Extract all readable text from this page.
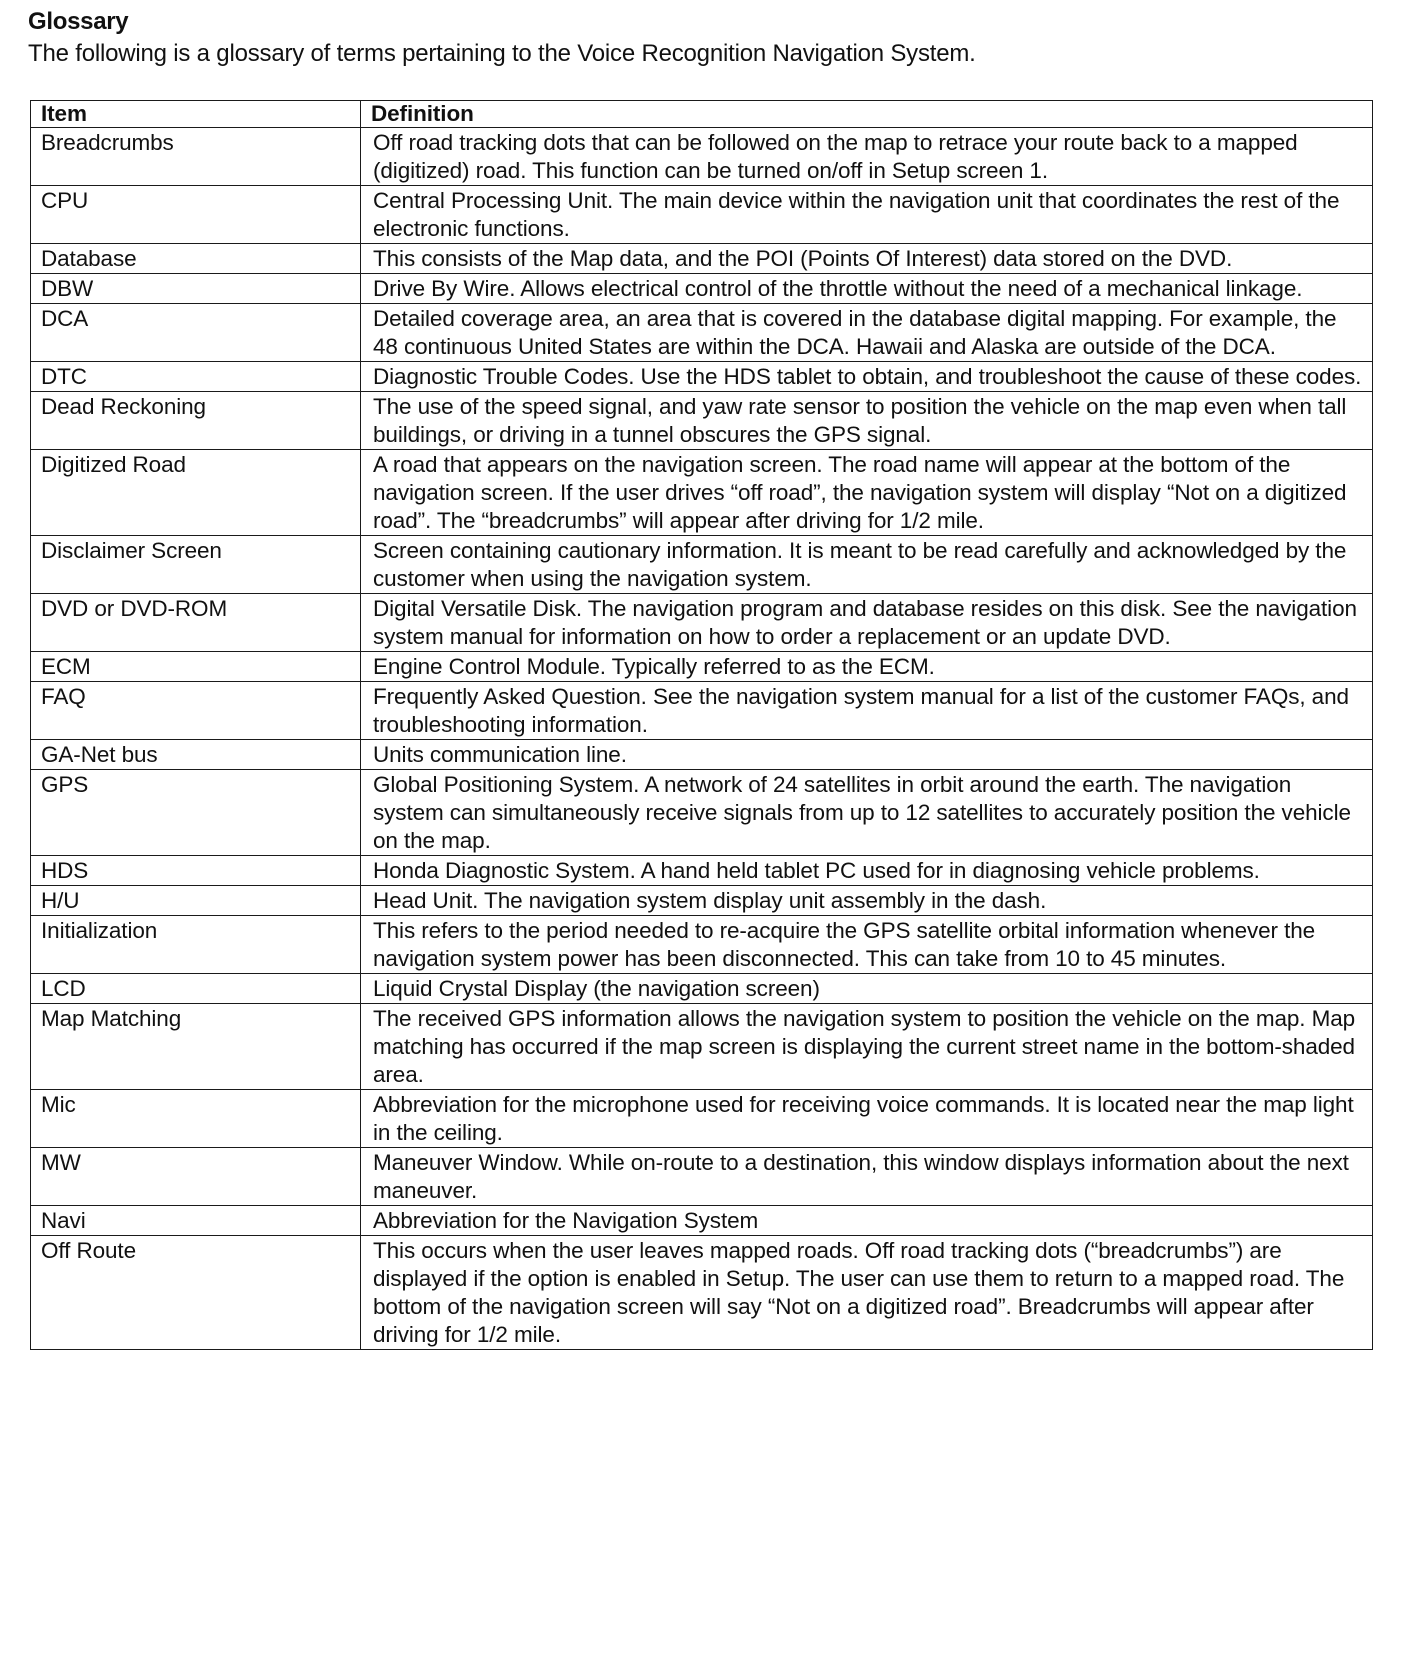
Glossary
The following is a glossary of terms pertaining to the Voice Recognition Navigation System.
Item	Definition
Breadcrumbs	Off road tracking dots that can be followed on the map to retrace your route back to a mapped (digitized) road. This function can be turned on/off in Setup screen 1.
CPU	Central Processing Unit. The main device within the navigation unit that coordinates the rest of the electronic functions.
Database	This consists of the Map data, and the POI (Points Of Interest) data stored on the DVD.
DBW	Drive By Wire. Allows electrical control of the throttle without the need of a mechanical linkage.
DCA	Detailed coverage area, an area that is covered in the database digital mapping. For example, the 48 continuous United States are within the DCA. Hawaii and Alaska are outside of the DCA.
DTC	Diagnostic Trouble Codes. Use the HDS tablet to obtain, and troubleshoot the cause of these codes.
Dead Reckoning	The use of the speed signal, and yaw rate sensor to position the vehicle on the map even when tall buildings, or driving in a tunnel obscures the GPS signal.
Digitized Road	A road that appears on the navigation screen. The road name will appear at the bottom of the navigation screen. If the user drives “off road”, the navigation system will display “Not on a digitized road”. The “breadcrumbs” will appear after driving for 1/2 mile.
Disclaimer Screen	Screen containing cautionary information. It is meant to be read carefully and acknowledged by the customer when using the navigation system.
DVD or DVD-ROM	Digital Versatile Disk. The navigation program and database resides on this disk. See the navigation system manual for information on how to order a replacement or an update DVD.
ECM	Engine Control Module. Typically referred to as the ECM.
FAQ	Frequently Asked Question. See the navigation system manual for a list of the customer FAQs, and troubleshooting information.
GA-Net bus	Units communication line.
GPS	Global Positioning System. A network of 24 satellites in orbit around the earth. The navigation system can simultaneously receive signals from up to 12 satellites to accurately position the vehicle on the map.
HDS	Honda Diagnostic System. A hand held tablet PC used for in diagnosing vehicle problems.
H/U	Head Unit. The navigation system display unit assembly in the dash.
Initialization	This refers to the period needed to re-acquire the GPS satellite orbital information whenever the navigation system power has been disconnected. This can take from 10 to 45 minutes.
LCD	Liquid Crystal Display (the navigation screen)
Map Matching	The received GPS information allows the navigation system to position the vehicle on the map. Map matching has occurred if the map screen is displaying the current street name in the bottom-shaded area.
Mic	Abbreviation for the microphone used for receiving voice commands. It is located near the map light in the ceiling.
MW	Maneuver Window. While on-route to a destination, this window displays information about the next maneuver.
Navi	Abbreviation for the Navigation System
Off Route	This occurs when the user leaves mapped roads. Off road tracking dots (“breadcrumbs”) are displayed if the option is enabled in Setup. The user can use them to return to a mapped road. The bottom of the navigation screen will say “Not on a digitized road”. Breadcrumbs will appear after driving for 1/2 mile.
